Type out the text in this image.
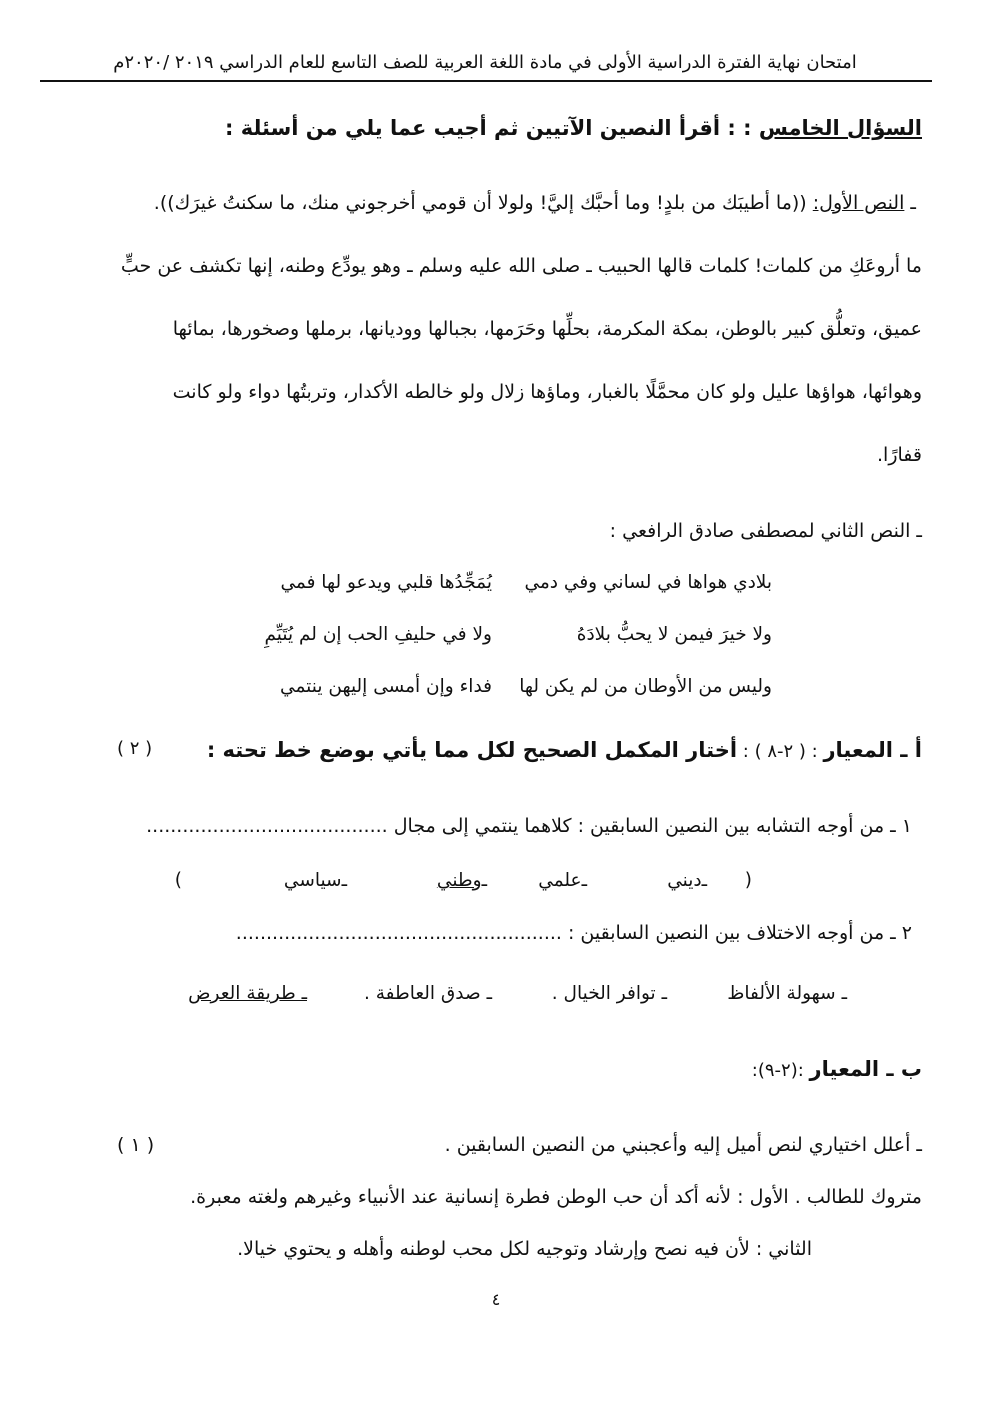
امتحان نهاية الفترة الدراسية الأولى في مادة اللغة العربية للصف التاسع للعام الدراسي ٢٠١٩ /٢٠٢٠م
السؤال الخامس : : أقرأ النصين الآتيين ثم أجيب عما يلي من أسئلة :
ـ النص الأول: ((ما أطيبَك من بلدٍ! وما أحبَّك إليَّ! ولولا أن قومي أخرجوني منك، ما سكنتُ غيرَك)).
ما أروعَكِ من كلمات! كلمات قالها الحبيب ـ صلى الله عليه وسلم ـ وهو يودِّع وطنه، إنها تكشف عن حبٍّ
عميق، وتعلُّق كبير بالوطن، بمكة المكرمة، بحلِّها وحَرَمها، بجبالها ووديانها، برملها وصخورها، بمائها
وهوائها، هواؤها عليل ولو كان محمَّلًا بالغبار، وماؤها زلال ولو خالطه الأكدار، وتربتُها دواء ولو كانت
قفارًا.
ـ النص الثاني لمصطفى صادق الرافعي :
بلادي هواها في لساني وفي دمي
يُمَجِّدُها قلبي ويدعو لها فمي
ولا خيرَ فيمن لا يحبُّ بلادَهُ
ولا في حليفِ الحب إن لم يُتَيِّمِ
وليس من الأوطان من لم يكن لها
فداء وإن أمسى إليهن ينتمي
أ ـ المعيار : ( ٢-٨ ) : أختار المكمل الصحيح لكل مما يأتي بوضع خط تحته :
( ٢ )
١ ـ من أوجه التشابه بين النصين السابقين : كلاهما ينتمي إلى مجال ........................................
(
ـ
ديني
ـ
علمي
ـ
وطني
ـ
سياسي
)
٢ ـ من أوجه الاختلاف بين النصين السابقين : ......................................................
ـ سهولة الألفاظ
ـ توافر الخيال .
ـ صدق العاطفة .
ـ طريقة العرض
ب ـ المعيار :(٢-٩):
ـ أعلل اختياري لنص أميل إليه وأعجبني من النصين السابقين .
( ١ )
متروك للطالب . الأول : لأنه أكد أن حب الوطن فطرة إنسانية عند الأنبياء وغيرهم ولغته معبرة.
الثاني : لأن فيه نصح وإرشاد وتوجيه لكل محب لوطنه وأهله و يحتوي خيالا.
٤
